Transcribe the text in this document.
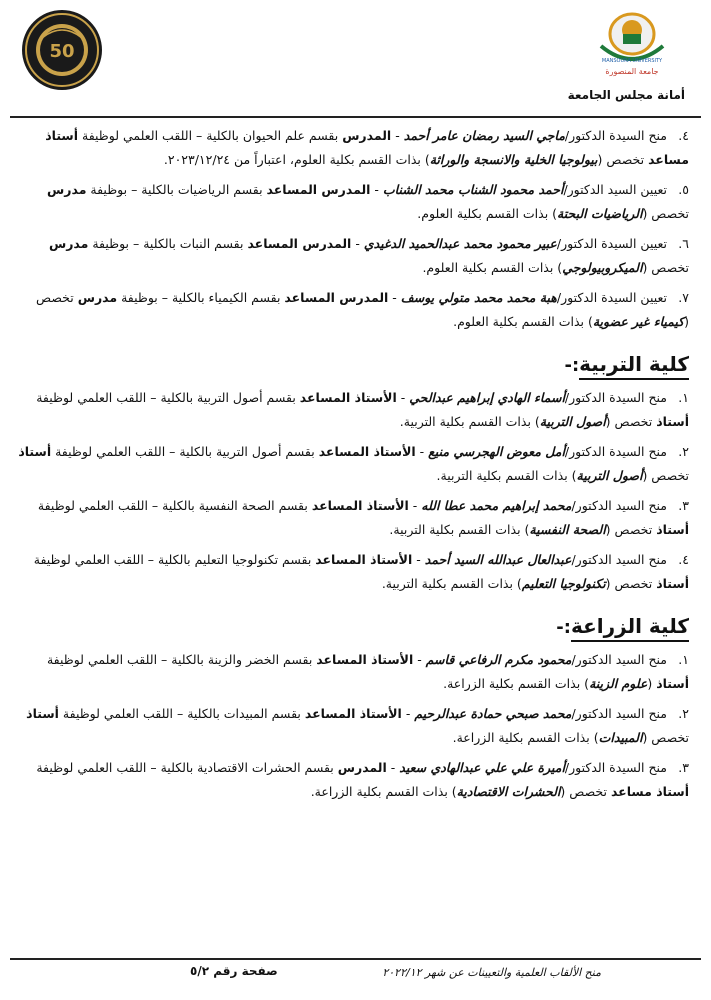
50	MANSOURA UNIVERSITY
جامعة المنصورة
أمانة مجلس الجامعة
٤.منح السيدة الدكتور/ماجي السيد رمضان عامر أحمد - المدرس بقسم علم الحيوان بالكلية – اللقب العلمي لوظيفة أستاذ مساعد تخصص (بيولوجيا الخلية والانسجة والوراثة) بذات القسم بكلية العلوم، اعتباراً من ٢٠٢٣/١٢/٢٤.
٥.تعيين السيد الدكتور/أحمد محمود الشناب محمد الشناب - المدرس المساعد بقسم الرياضيات بالكلية – بوظيفة مدرس تخصص (الرياضيات البحتة) بذات القسم بكلية العلوم.
٦.تعيين السيدة الدكتور/عبير محمود محمد عبدالحميد الدغيدي - المدرس المساعد بقسم النبات بالكلية – بوظيفة مدرس تخصص (الميكروبيولوجي) بذات القسم بكلية العلوم.
٧.تعيين السيدة الدكتور/هبة محمد محمد متولي يوسف - المدرس المساعد بقسم الكيمياء بالكلية – بوظيفة مدرس تخصص (كيمياء غير عضوية) بذات القسم بكلية العلوم.
كلية التربية:-
١.منح السيدة الدكتور/أسماء الهادي إبراهيم عبدالحي - الأستاذ المساعد بقسم أصول التربية بالكلية – اللقب العلمي لوظيفة أستاذ تخصص (أصول التربية) بذات القسم بكلية التربية.
٢.منح السيدة الدكتور/أمل معوض الهجرسي منيع - الأستاذ المساعد بقسم أصول التربية بالكلية – اللقب العلمي لوظيفة أستاذ تخصص (أصول التربية) بذات القسم بكلية التربية.
٣.منح السيد الدكتور/محمد إبراهيم محمد عطا الله - الأستاذ المساعد بقسم الصحة النفسية بالكلية – اللقب العلمي لوظيفة أستاذ تخصص (الصحة النفسية) بذات القسم بكلية التربية.
٤.منح السيد الدكتور/عبدالعال عبدالله السيد أحمد - الأستاذ المساعد بقسم تكنولوجيا التعليم بالكلية – اللقب العلمي لوظيفة أستاذ تخصص (تكنولوجيا التعليم) بذات القسم بكلية التربية.
كلية الزراعة:-
١.منح السيد الدكتور/محمود مكرم الرفاعي قاسم - الأستاذ المساعد بقسم الخضر والزينة بالكلية – اللقب العلمي لوظيفة أستاذ (علوم الزينة) بذات القسم بكلية الزراعة.
٢.منح السيد الدكتور/محمد صبحي حمادة عبدالرحيم - الأستاذ المساعد بقسم المبيدات بالكلية – اللقب العلمي لوظيفة أستاذ تخصص (المبيدات) بذات القسم بكلية الزراعة.
٣.منح السيدة الدكتور/أميرة علي علي عبدالهادي سعيد - المدرس بقسم الحشرات الاقتصادية بالكلية – اللقب العلمي لوظيفة أستاذ مساعد تخصص (الحشرات الاقتصادية) بذات القسم بكلية الزراعة.
منح الألقاب العلمية والتعيينات عن شهر ٢٠٢٢/١٢
صفحة رقم ٥/٢
